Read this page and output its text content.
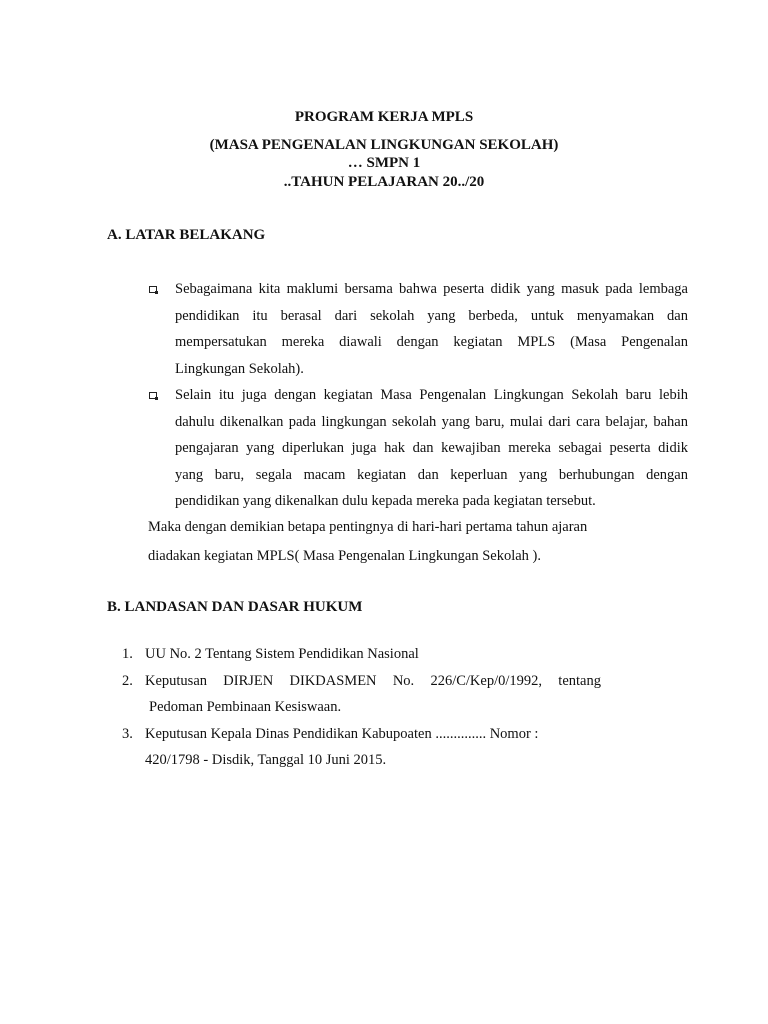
PROGRAM KERJA MPLS
(MASA PENGENALAN LINGKUNGAN SEKOLAH)
… SMPN 1
..TAHUN PELAJARAN 20../20
A. LATAR BELAKANG
Sebagaimana kita maklumi bersama bahwa peserta didik yang masuk pada lembaga
pendidikan itu berasal dari sekolah yang berbeda, untuk menyamakan dan
mempersatukan mereka diawali dengan kegiatan MPLS (Masa Pengenalan
Lingkungan Sekolah).
Selain itu juga dengan kegiatan Masa Pengenalan Lingkungan Sekolah baru lebih
dahulu dikenalkan pada lingkungan sekolah yang baru, mulai dari cara belajar, bahan
pengajaran yang diperlukan juga hak dan kewajiban mereka sebagai peserta didik
yang baru, segala macam kegiatan dan keperluan yang berhubungan dengan
pendidikan yang dikenalkan dulu kepada mereka pada kegiatan tersebut.
Maka dengan demikian betapa pentingnya di hari-hari pertama tahun ajaran
diadakan kegiatan MPLS( Masa Pengenalan Lingkungan Sekolah ).
B. LANDASAN DAN DASAR HUKUM
1. UU No. 2 Tentang Sistem Pendidikan Nasional
2. Keputusan DIRJEN DIKDASMEN No. 226/C/Kep/0/1992, tentang
Pedoman Pembinaan Kesiswaan.
3. Keputusan Kepala Dinas Pendidikan Kabupoaten .............. Nomor :
420/1798 - Disdik, Tanggal 10 Juni 2015.
